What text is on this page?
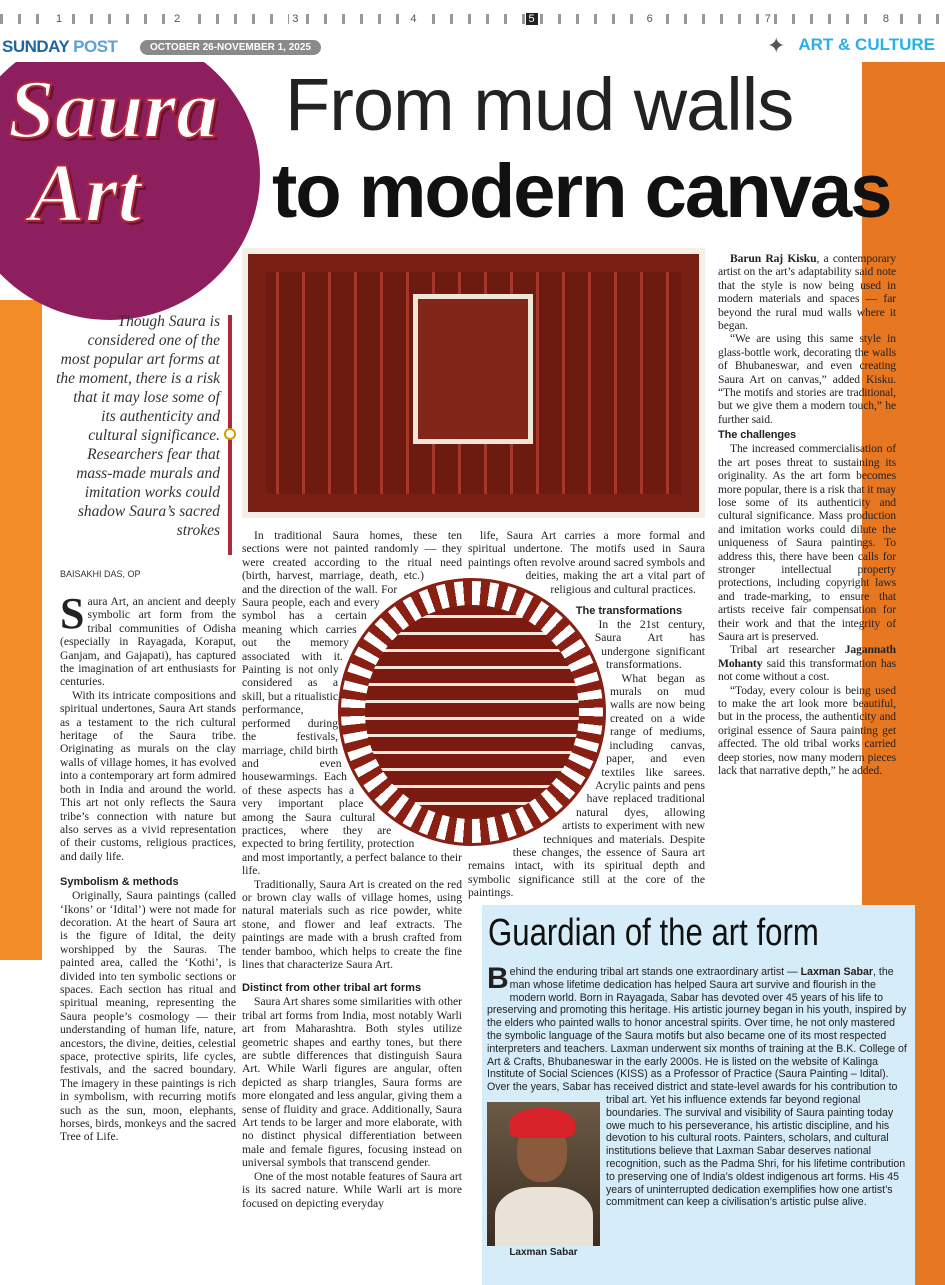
1	2	3	4	5	6	7	8
SUNDAY POST	OCTOBER 26-NOVEMBER 1, 2025	✦ ART & CULTURE
Saura
Art
From mud walls
to modern canvas
Though Saura is considered one of the most popular art forms at the moment, there is a risk that it may lose some of its authenticity and cultural significance. Researchers fear that mass-made murals and imitation works could shadow Saura’s sacred strokes
BAISAKHI DAS, OP

Saura Art, an ancient and deeply symbolic art form from the tribal communities of Odisha (especially in Rayagada, Koraput, Ganjam, and Gajapati), has captured the imagination of art enthusiasts for centuries.

With its intricate compositions and spiritual undertones, Saura Art stands as a testament to the rich cultural heritage of the Saura tribe. Originating as murals on the clay walls of village homes, it has evolved into a contemporary art form admired both in India and around the world. This art not only reflects the Saura tribe’s connection with nature but also serves as a vivid representation of their customs, religious practices, and daily life.

Symbolism & methods

Originally, Saura paintings (called ‘Ikons’ or ‘Idital’) were not made for decoration. At the heart of Saura art is the figure of Idital, the deity worshipped by the Sauras. The painted area, called the ‘Kothi’, is divided into ten symbolic sections or spaces. Each section has ritual and spiritual meaning, representing the Saura people’s cosmology — their understanding of human life, nature, ancestors, the divine, deities, celestial space, protective spirits, life cycles, festivals, and the sacred boundary. The imagery in these paintings is rich in symbolism, with recurring motifs such as the sun, moon, elephants, horses, birds, monkeys and the sacred Tree of Life.

In traditional Saura homes, these ten sections were not painted randomly — they were created according to the ritual need (birth, harvest, marriage, death, etc.) and the direction of the wall. For Saura people, each and every symbol has a certain meaning which carries out the memory associated with it. Painting is not only considered as a skill, but a ritualistic performance, performed during the festivals, marriage, child birth and even housewarmings. Each of these aspects has a very important place among the Saura cultural practices, where they are expected to bring fertility, protection and most importantly, a perfect balance to their life.

Traditionally, Saura Art is created on the red or brown clay walls of village homes, using natural materials such as rice powder, white stone, and flower and leaf extracts. The paintings are made with a brush crafted from tender bamboo, which helps to create the fine lines that characterize Saura Art.

Distinct from other tribal art forms

Saura Art shares some similarities with other tribal art forms from India, most notably Warli art from Maharashtra. Both styles utilize geometric shapes and earthy tones, but there are subtle differences that distinguish Saura Art. While Warli figures are angular, often depicted as sharp triangles, Saura forms are more elongated and less angular, giving them a sense of fluidity and grace. Additionally, Saura Art tends to be larger and more elaborate, with no distinct physical differentiation between male and female figures, focusing instead on universal symbols that transcend gender.

One of the most notable features of Saura art is its sacred nature. While Warli art is more focused on depicting everyday

life, Saura Art carries a more formal and spiritual undertone. The motifs used in Saura paintings often revolve around sacred symbols and deities, making the art a vital part of religious and cultural practices.

The transformations

In the 21st century, Saura Art has undergone significant transformations.

What began as murals on mud walls are now being created on a wide range of mediums, including canvas, paper, and even textiles like sarees. Acrylic paints and pens have replaced traditional natural dyes, allowing artists to experiment with new techniques and materials. Despite these changes, the essence of Saura art remains intact, with its spiritual depth and symbolic significance still at the core of the paintings.

Barun Raj Kisku, a contemporary artist on the art’s adaptability said note that the style is now being used in modern materials and spaces — far beyond the rural mud walls where it began.

“We are using this same style in glass-bottle work, decorating the walls of Bhubaneswar, and even creating Saura Art on canvas,” added Kisku. “The motifs and stories are traditional, but we give them a modern touch,” he further said.

The challenges

The increased commercialisation of the art poses threat to sustaining its originality. As the art form becomes more popular, there is a risk that it may lose some of its authenticity and cultural significance. Mass production and imitation works could dilute the uniqueness of Saura paintings. To address this, there have been calls for stronger intellectual property protections, including copyright laws and trade-marking, to ensure that artists receive fair compensation for their work and that the integrity of Saura art is preserved.

Tribal art researcher Jagannath Mohanty said this transformation has not come without a cost.

“Today, every colour is being used to make the art look more beautiful, but in the process, the authenticity and original essence of Saura painting get affected. The old tribal works carried deep stories, now many modern pieces lack that narrative depth,” he added.

Guardian of the art form
Behind the enduring tribal art stands one extraordinary artist — Laxman Sabar, the man whose lifetime dedication has helped Saura art survive and flourish in the modern world. Born in Rayagada, Sabar has devoted over 45 years of his life to preserving and promoting this heritage. His artistic journey began in his youth, inspired by the elders who painted walls to honor ancestral spirits. Over time, he not only mastered the symbolic language of the Saura motifs but also became one of its most respected interpreters and teachers. Laxman underwent six months of training at the B.K. College of Art & Crafts, Bhubaneswar in the early 2000s. He is listed on the website of Kalinga Institute of Social Sciences (KISS) as a Professor of Practice (Saura Painting – Idital). Over the
Laxman Sabar
years, Sabar has received district and state-level awards for his contribution to tribal art. Yet his influence extends far beyond regional boundaries. The survival and visibility of Saura painting today owe much to his perseverance, his artistic discipline, and his devotion to his cultural roots. Painters, scholars, and cultural institutions believe that Laxman Sabar deserves national recognition, such as the Padma Shri, for his lifetime contribution to preserving one of India’s oldest indigenous art forms. His 45 years of uninterrupted dedication exemplifies how one artist’s commitment can keep a civilisation’s artistic pulse alive.
